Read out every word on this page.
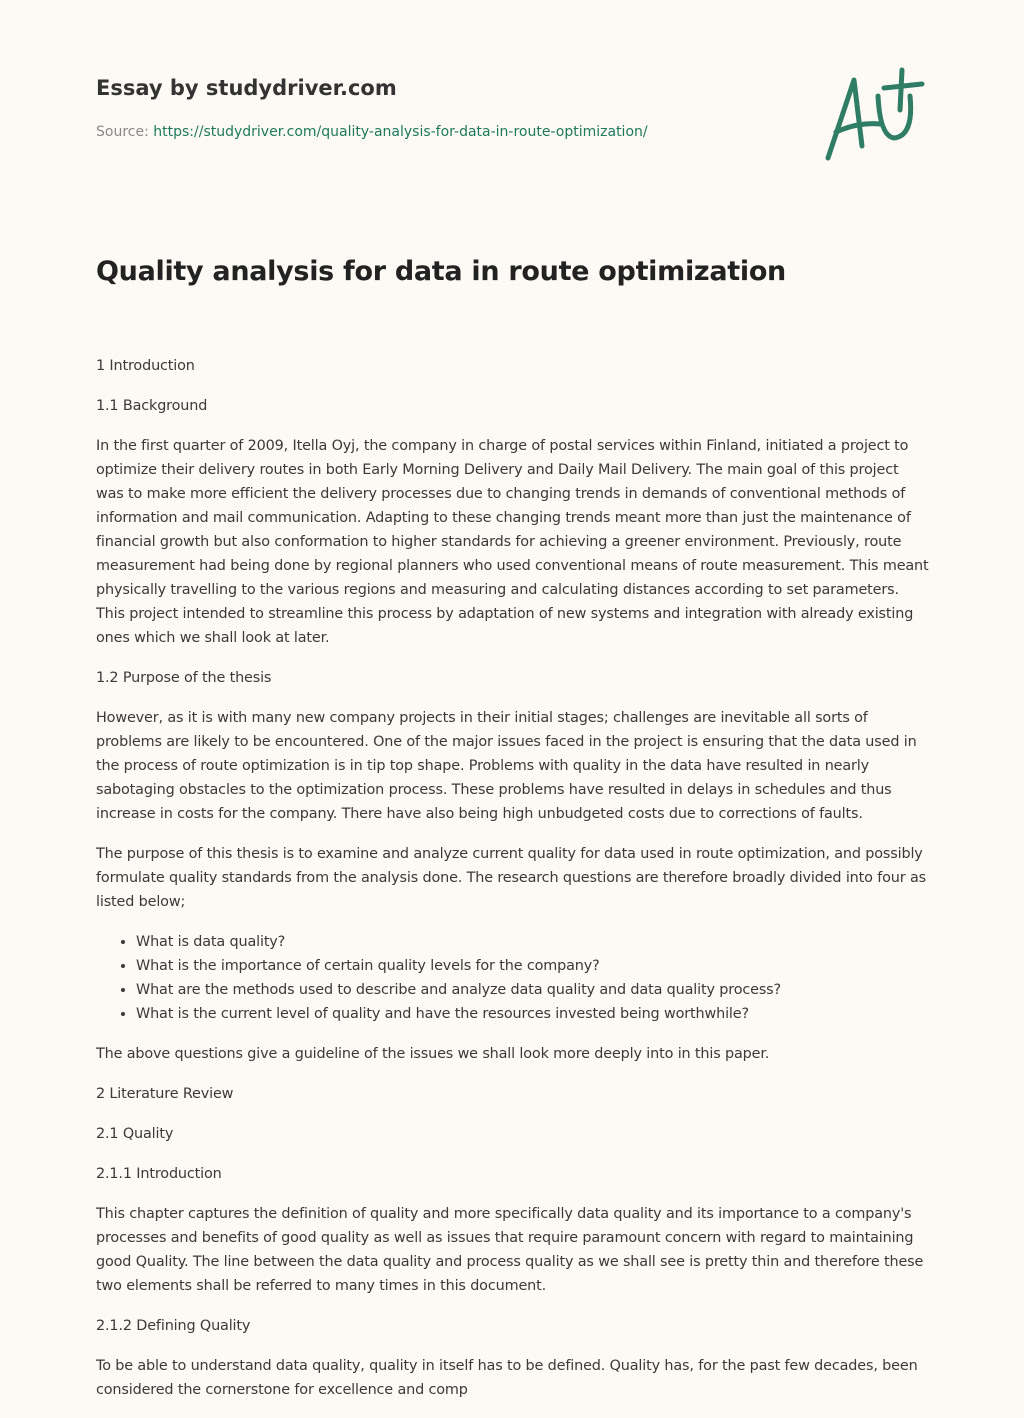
Essay by studydriver.com
Source: https://studydriver.com/quality-analysis-for-data-in-route-optimization/
Quality analysis for data in route optimization

1 Introduction

1.1 Background

In the first quarter of 2009, Itella Oyj, the company in charge of postal services within Finland, initiated a project to optimize their delivery routes in both Early Morning Delivery and Daily Mail Delivery. The main goal of this project was to make more efficient the delivery processes due to changing trends in demands of conventional methods of information and mail communication. Adapting to these changing trends meant more than just the maintenance of financial growth but also conformation to higher standards for achieving a greener environment. Previously, route measurement had being done by regional planners who used conventional means of route measurement. This meant physically travelling to the various regions and measuring and calculating distances according to set parameters. This project intended to streamline this process by adaptation of new systems and integration with already existing ones which we shall look at later.

1.2 Purpose of the thesis

However, as it is with many new company projects in their initial stages; challenges are inevitable all sorts of problems are likely to be encountered. One of the major issues faced in the project is ensuring that the data used in the process of route optimization is in tip top shape. Problems with quality in the data have resulted in nearly sabotaging obstacles to the optimization process. These problems have resulted in delays in schedules and thus increase in costs for the company. There have also being high unbudgeted costs due to corrections of faults.

The purpose of this thesis is to examine and analyze current quality for data used in route optimization, and possibly formulate quality standards from the analysis done. The research questions are therefore broadly divided into four as listed below;

• What is data quality?
• What is the importance of certain quality levels for the company?
• What are the methods used to describe and analyze data quality and data quality process?
• What is the current level of quality and have the resources invested being worthwhile?

The above questions give a guideline of the issues we shall look more deeply into in this paper.

2 Literature Review

2.1 Quality

2.1.1 Introduction

This chapter captures the definition of quality and more specifically data quality and its importance to a company's processes and benefits of good quality as well as issues that require paramount concern with regard to maintaining good Quality. The line between the data quality and process quality as we shall see is pretty thin and therefore these two elements shall be referred to many times in this document.

2.1.2 Defining Quality

To be able to understand data quality, quality in itself has to be defined. Quality has, for the past few decades, been considered the cornerstone for excellence and comp
